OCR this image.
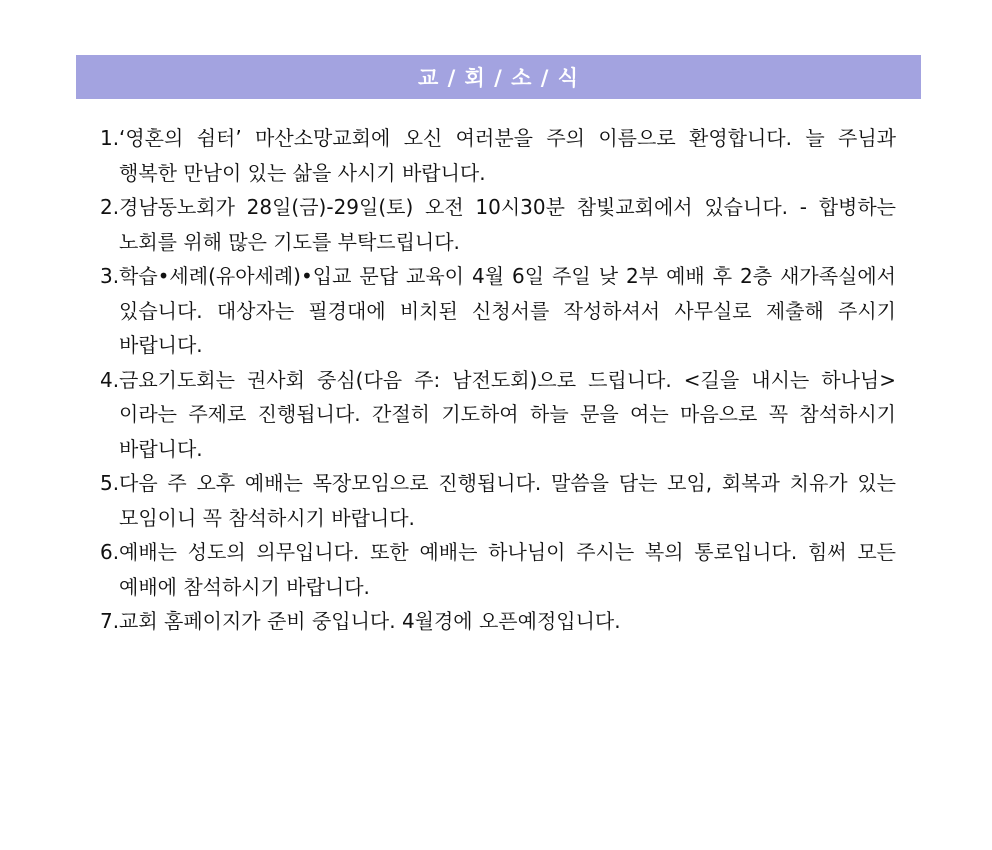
교 / 회 / 소 / 식
1. ‘영혼의 쉼터’ 마산소망교회에 오신 여러분을 주의 이름으로 환영합니다. 늘 주님과 행복한 만남이 있는 삶을 사시기 바랍니다.
2. 경남동노회가 28일(금)-29일(토) 오전 10시30분 참빛교회에서 있습니다. - 합병하는 노회를 위해 많은 기도를 부탁드립니다.
3. 학습•세례(유아세례)•입교 문답 교육이 4월 6일 주일 낮 2부 예배 후 2층 새가족실에서 있습니다. 대상자는 필경대에 비치된 신청서를 작성하셔서 사무실로 제출해 주시기 바랍니다.
4. 금요기도회는 권사회 중심(다음 주: 남전도회)으로 드립니다. <길을 내시는 하나님>이라는 주제로 진행됩니다. 간절히 기도하여 하늘 문을 여는 마음으로 꼭 참석하시기 바랍니다.
5. 다음 주 오후 예배는 목장모임으로 진행됩니다. 말씀을 담는 모임, 회복과 치유가 있는 모임이니 꼭 참석하시기 바랍니다.
6. 예배는 성도의 의무입니다. 또한 예배는 하나님이 주시는 복의 통로입니다. 힘써 모든 예배에 참석하시기 바랍니다.
7. 교회 홈페이지가 준비 중입니다. 4월경에 오픈예정입니다.
